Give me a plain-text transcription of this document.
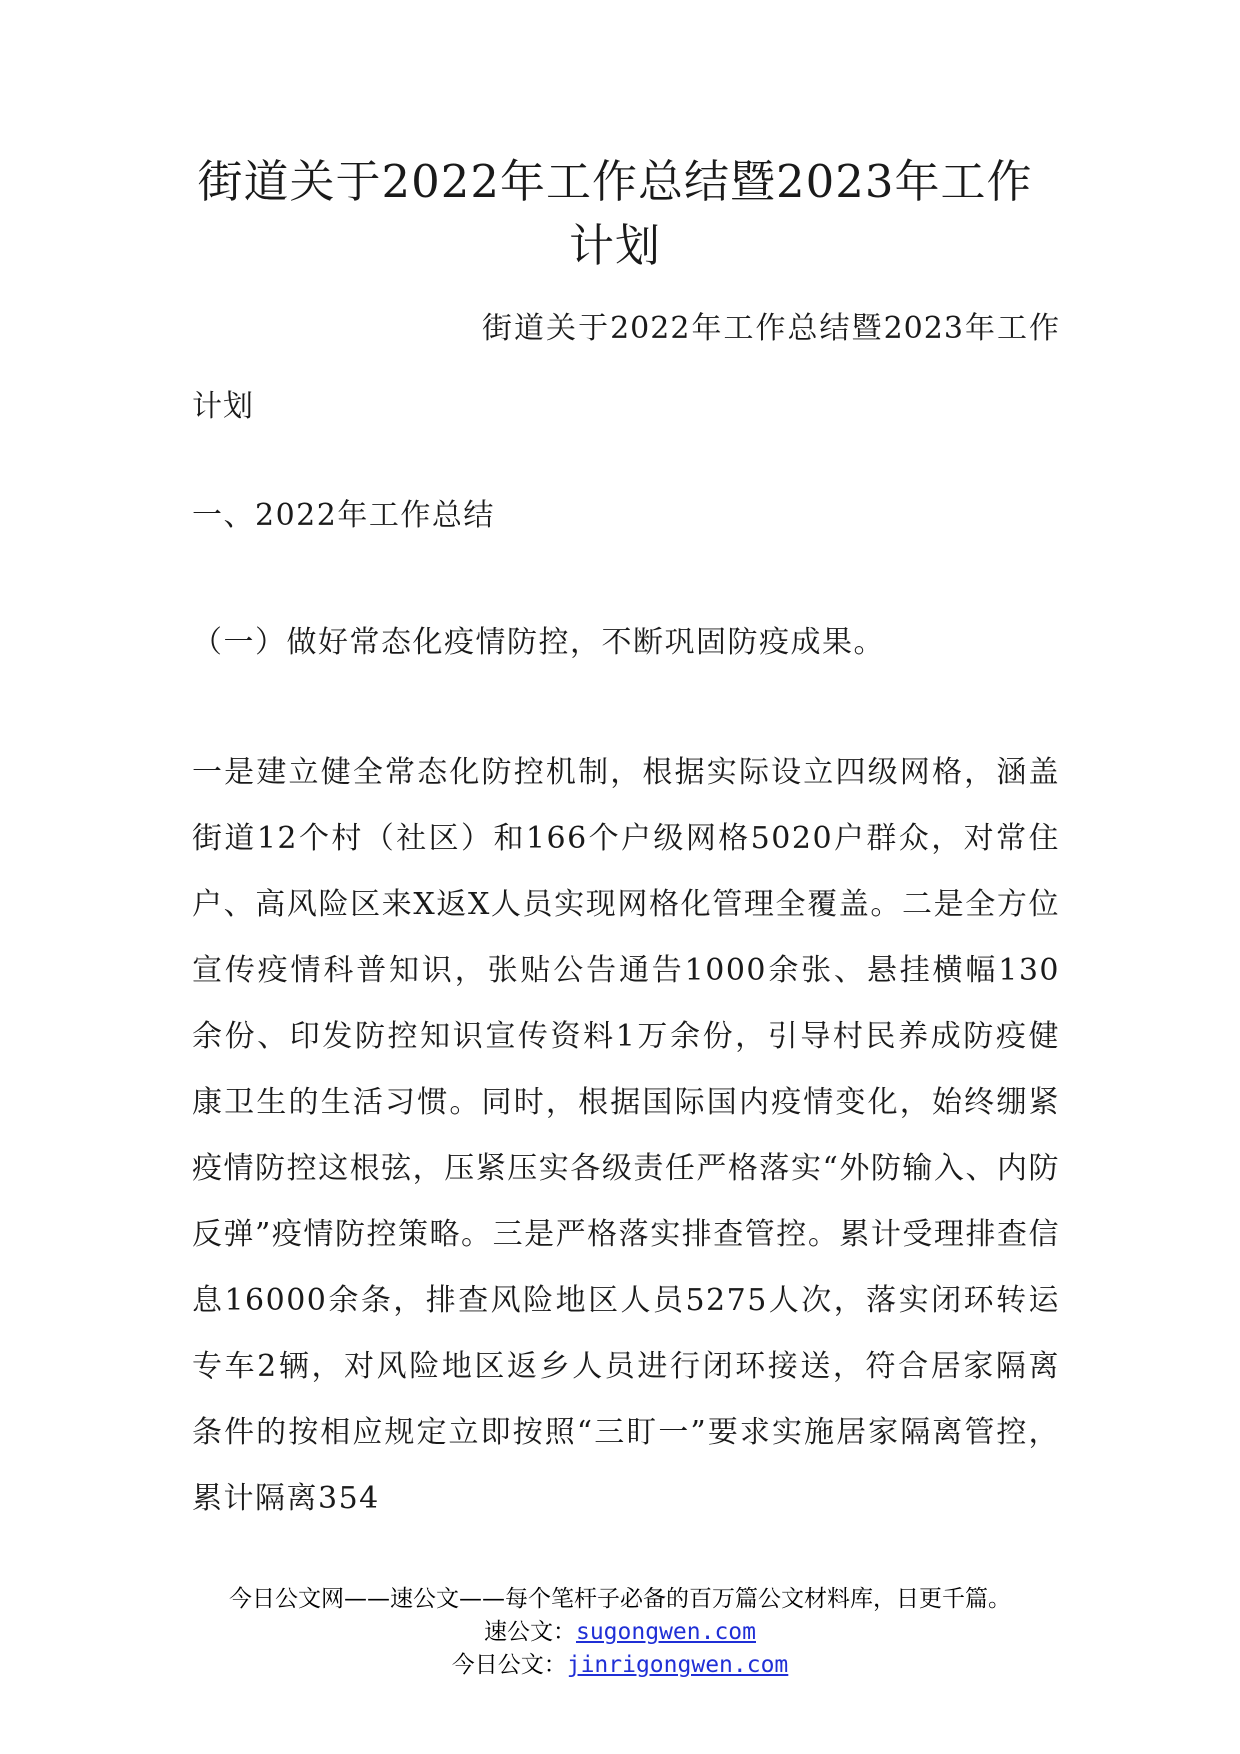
街道关于2022年工作总结暨2023年工作计划

街道关于2022年工作总结暨2023年工作计划

一、2022年工作总结

（一）做好常态化疫情防控，不断巩固防疫成果。

一是建立健全常态化防控机制，根据实际设立四级网格，涵盖街道12个村（社区）和166个户级网格5020户群众，对常住户、高风险区来X返X人员实现网格化管理全覆盖。二是全方位宣传疫情科普知识，张贴公告通告1000余张、悬挂横幅130余份、印发防控知识宣传资料1万余份，引导村民养成防疫健康卫生的生活习惯。同时，根据国际国内疫情变化，始终绷紧疫情防控这根弦，压紧压实各级责任严格落实“外防输入、内防反弹”疫情防控策略。三是严格落实排查管控。累计受理排查信息16000余条，排查风险地区人员5275人次，落实闭环转运专车2辆，对风险地区返乡人员进行闭环接送，符合居家隔离条件的按相应规定立即按照“三盯一”要求实施居家隔离管控，累计隔离354

今日公文网——速公文——每个笔杆子必备的百万篇公文材料库，日更千篇。
速公文：sugongwen.com
今日公文：jinrigongwen.com
